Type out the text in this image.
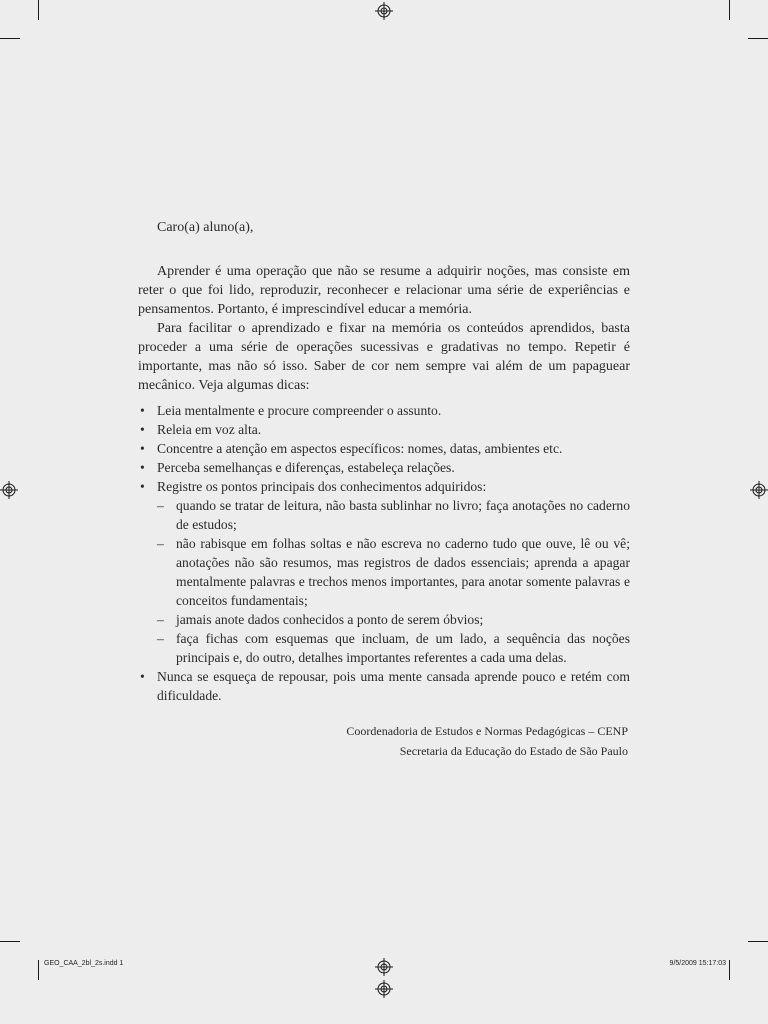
Caro(a) aluno(a),

Aprender é uma operação que não se resume a adquirir noções, mas consiste em reter o que foi lido, reproduzir, reconhecer e relacionar uma série de experiências e pensamentos. Portanto, é imprescindível educar a memória.

Para facilitar o aprendizado e fixar na memória os conteúdos aprendidos, basta proceder a uma série de operações sucessivas e gradativas no tempo. Repetir é importante, mas não só isso. Saber de cor nem sempre vai além de um papaguear mecânico. Veja algumas dicas:

• Leia mentalmente e procure compreender o assunto.
• Releia em voz alta.
• Concentre a atenção em aspectos específicos: nomes, datas, ambientes etc.
• Perceba semelhanças e diferenças, estabeleça relações.
• Registre os pontos principais dos conhecimentos adquiridos:
– quando se tratar de leitura, não basta sublinhar no livro; faça anotações no caderno de estudos;
– não rabisque em folhas soltas e não escreva no caderno tudo que ouve, lê ou vê; anotações não são resumos, mas registros de dados essenciais; aprenda a apagar mentalmente palavras e trechos menos importantes, para anotar somente palavras e conceitos fundamentais;
– jamais anote dados conhecidos a ponto de serem óbvios;
– faça fichas com esquemas que incluam, de um lado, a sequência das noções principais e, do outro, detalhes importantes referentes a cada uma delas.
• Nunca se esqueça de repousar, pois uma mente cansada aprende pouco e retém com dificuldade.
Coordenadoria de Estudos e Normas Pedagógicas – CENP
Secretaria da Educação do Estado de São Paulo
GEO_CAA_2bl_2s.indd 1	9/5/2009 15:17:03
